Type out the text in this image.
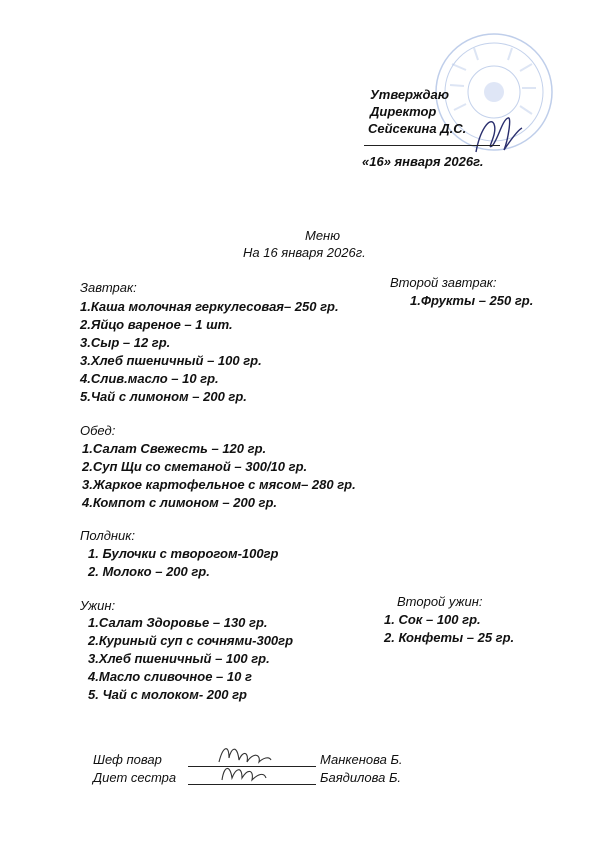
Утверждаю
Директор
Сейсекина Д.С.
«16» января 2026г.
Меню
На 16 января 2026г.
Завтрак:
1.Каша молочная геркулесовая– 250 гр.
2.Яйцо вареное – 1 шт.
3.Сыр – 12 гр.
3.Хлеб пшеничный – 100 гр.
4.Слив.масло – 10 гр.
5.Чай с лимоном – 200 гр.
Второй завтрак:
1.Фрукты – 250 гр.
Обед:
1.Салат Свежесть – 120 гр.
2.Суп Щи со сметаной – 300/10 гр.
3.Жаркое картофельное с мясом– 280 гр.
4.Компот с лимоном – 200 гр.
Полдник:
1. Булочки с творогом-100гр
2. Молоко – 200 гр.
Ужин:
1.Салат Здоровье – 130 гр.
2.Куриный суп с сочнями-300гр
3.Хлеб пшеничный – 100 гр.
4.Масло сливочное – 10 г
5. Чай с молоком- 200 гр
Второй ужин:
1. Сок – 100 гр.
2. Конфеты – 25 гр.
Шеф повар	Манкенова Б.
Диет сестра	Баядилова Б.
